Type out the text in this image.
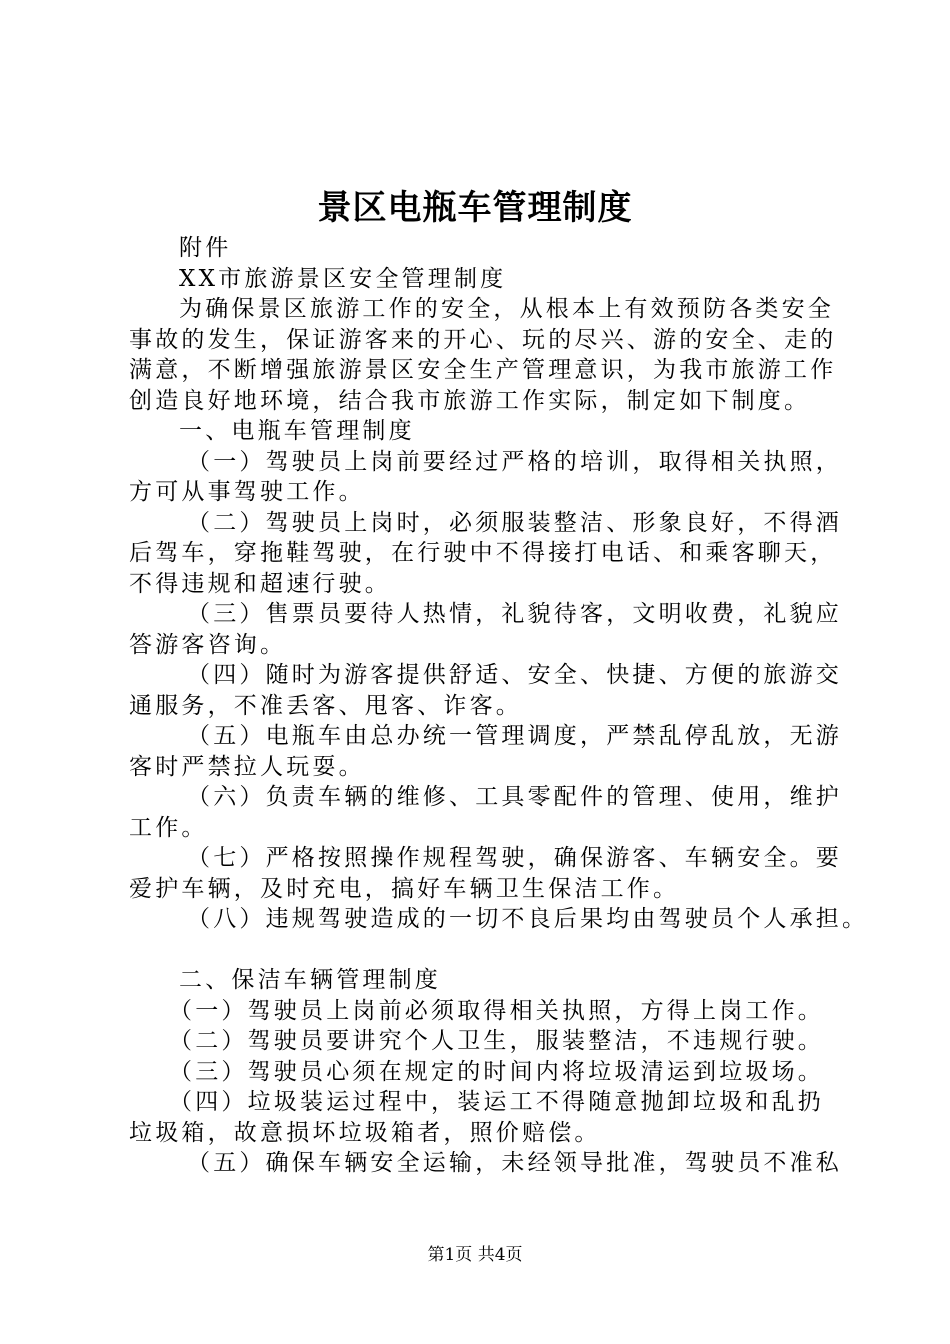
景区电瓶车管理制度
附件
XX市旅游景区安全管理制度
为确保景区旅游工作的安全，从根本上有效预防各类安全
事故的发生，保证游客来的开心、玩的尽兴、游的安全、走的
满意，不断增强旅游景区安全生产管理意识，为我市旅游工作
创造良好地环境，结合我市旅游工作实际，制定如下制度。
一、电瓶车管理制度
（一）驾驶员上岗前要经过严格的培训，取得相关执照，
方可从事驾驶工作。
（二）驾驶员上岗时，必须服装整洁、形象良好，不得酒
后驾车，穿拖鞋驾驶，在行驶中不得接打电话、和乘客聊天，
不得违规和超速行驶。
（三）售票员要待人热情，礼貌待客，文明收费，礼貌应
答游客咨询。
（四）随时为游客提供舒适、安全、快捷、方便的旅游交
通服务，不准丢客、甩客、诈客。
（五）电瓶车由总办统一管理调度，严禁乱停乱放，无游
客时严禁拉人玩耍。
（六）负责车辆的维修、工具零配件的管理、使用，维护
工作。
（七）严格按照操作规程驾驶，确保游客、车辆安全。要
爱护车辆，及时充电，搞好车辆卫生保洁工作。
（八）违规驾驶造成的一切不良后果均由驾驶员个人承担。
二、保洁车辆管理制度
（一）驾驶员上岗前必须取得相关执照，方得上岗工作。
（二）驾驶员要讲究个人卫生，服装整洁，不违规行驶。
（三）驾驶员心须在规定的时间内将垃圾清运到垃圾场。
（四）垃圾装运过程中，装运工不得随意抛卸垃圾和乱扔
垃圾箱，故意损坏垃圾箱者，照价赔偿。
（五）确保车辆安全运输，未经领导批准，驾驶员不准私
第1页 共4页
